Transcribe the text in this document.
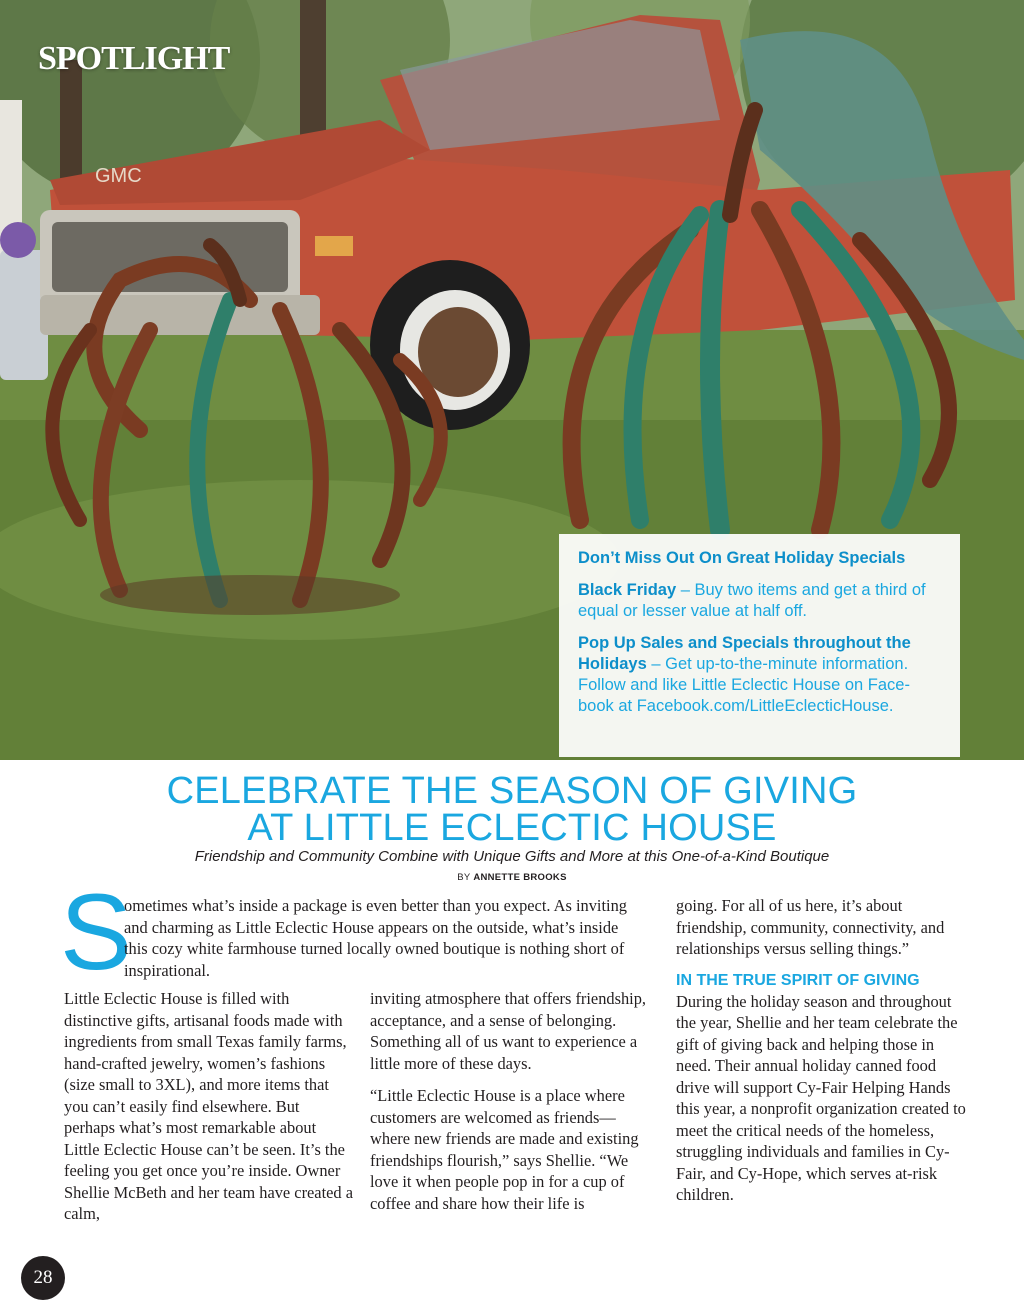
GMC
SPOTLIGHT

Don’t Miss Out On Great Holiday Specials

Black Friday – Buy two items and get a third of equal or lesser value at half off.

Pop Up Sales and Specials throughout the Holidays – Get up-to-the-minute information. Follow and like Little Eclectic House on Face-book at Facebook.com/LittleEclecticHouse.

CELEBRATE THE SEASON OF GIVING
AT LITTLE ECLECTIC HOUSE
Friendship and Community Combine with Unique Gifts and More at this One-of-a-Kind Boutique
BY ANNETTE BROOKS
S

ometimes what’s inside a package is even better than you expect. As inviting and charming as Little Eclectic House appears on the outside, what’s inside this cozy white farmhouse turned locally owned boutique is nothing short of inspirational.

Little Eclectic House is filled with distinctive gifts, artisanal foods made with ingredients from small Texas family farms, hand-crafted jewelry, women’s fashions (size small to 3XL), and more items that you can’t easily find elsewhere. But perhaps what’s most remarkable about Little Eclectic House can’t be seen. It’s the feeling you get once you’re inside. Owner Shellie McBeth and her team have created a calm,

inviting atmosphere that offers friendship, acceptance, and a sense of belonging. Something all of us want to experience a little more of these days.

“Little Eclectic House is a place where customers are welcomed as friends—where new friends are made and existing friendships flourish,” says Shellie. “We love it when people pop in for a cup of coffee and share how their life is

going. For all of us here, it’s about friendship, community, connectivity, and relationships versus selling things.”

IN THE TRUE SPIRIT OF GIVING

During the holiday season and throughout the year, Shellie and her team celebrate the gift of giving back and helping those in need. Their annual holiday canned food drive will support Cy-Fair Helping Hands this year, a nonprofit organization created to meet the critical needs of the homeless, struggling individuals and families in Cy-Fair, and Cy-Hope, which serves at-risk children.

28
